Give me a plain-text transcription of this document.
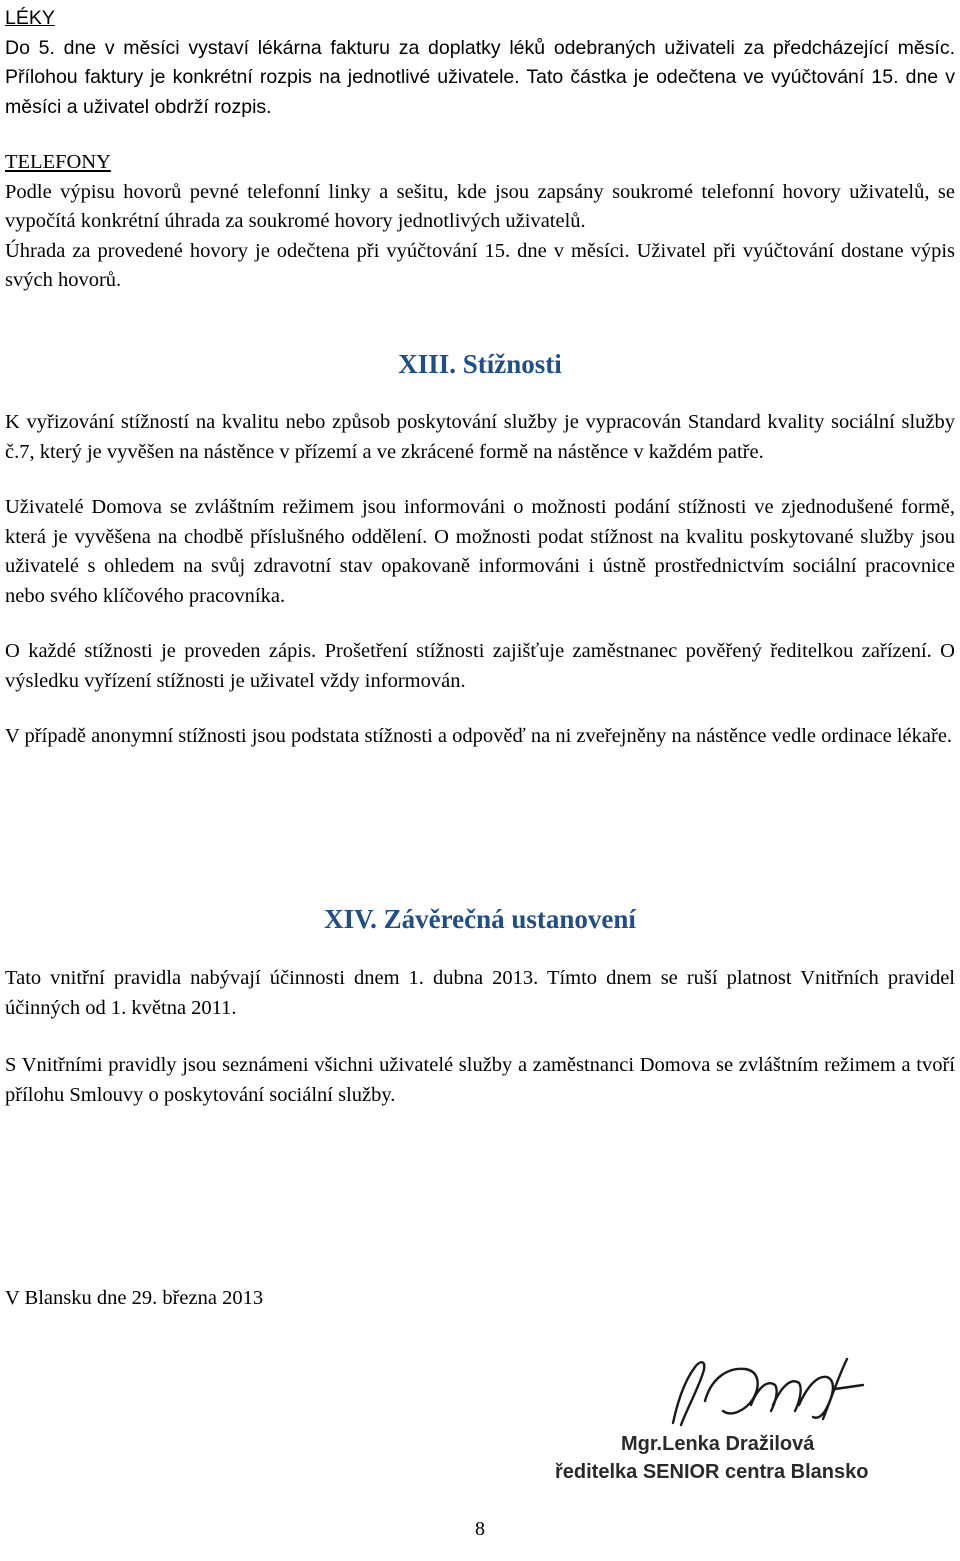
LÉKY

Do 5. dne v měsíci vystaví lékárna fakturu za doplatky léků odebraných uživateli za předcházející měsíc. Přílohou faktury je konkrétní rozpis na jednotlivé uživatele. Tato částka je odečtena ve vyúčtování 15. dne v měsíci a uživatel obdrží rozpis.

TELEFONY

Podle výpisu hovorů pevné telefonní linky a sešitu, kde jsou zapsány soukromé telefonní hovory uživatelů, se vypočítá konkrétní úhrada za soukromé hovory jednotlivých uživatelů.

Úhrada za provedené hovory je odečtena při vyúčtování 15. dne v měsíci. Uživatel při vyúčtování dostane výpis svých hovorů.

XIII. Stížnosti

K vyřizování stížností na kvalitu nebo způsob poskytování služby je vypracován Standard kvality sociální služby č.7, který je vyvěšen na nástěnce v přízemí a ve zkrácené formě na nástěnce v každém patře.

Uživatelé Domova se zvláštním režimem jsou informováni o možnosti podání stížnosti ve zjednodušené formě, která je vyvěšena na chodbě příslušného oddělení. O možnosti podat stížnost na kvalitu poskytované služby jsou uživatelé s ohledem na svůj zdravotní stav opakovaně informováni i ústně prostřednictvím sociální pracovnice nebo svého klíčového pracovníka.

O každé stížnosti je proveden zápis. Prošetření stížnosti zajišťuje zaměstnanec pověřený ředitelkou zařízení. O výsledku vyřízení stížnosti je uživatel vždy informován.

V případě anonymní stížnosti jsou podstata stížnosti a odpověď na ni zveřejněny na nástěnce vedle ordinace lékaře.

XIV. Závěrečná ustanovení

Tato vnitřní pravidla nabývají účinnosti dnem 1. dubna 2013. Tímto dnem se ruší platnost Vnitřních pravidel účinných od 1. května 2011.

S Vnitřními pravidly jsou seznámeni všichni uživatelé služby a zaměstnanci Domova se zvláštním režimem a tvoří přílohu Smlouvy o poskytování sociální služby.

V Blansku dne 29. března 2013
Mgr.Lenka Dražilová
ředitelka SENIOR centra Blansko
8
